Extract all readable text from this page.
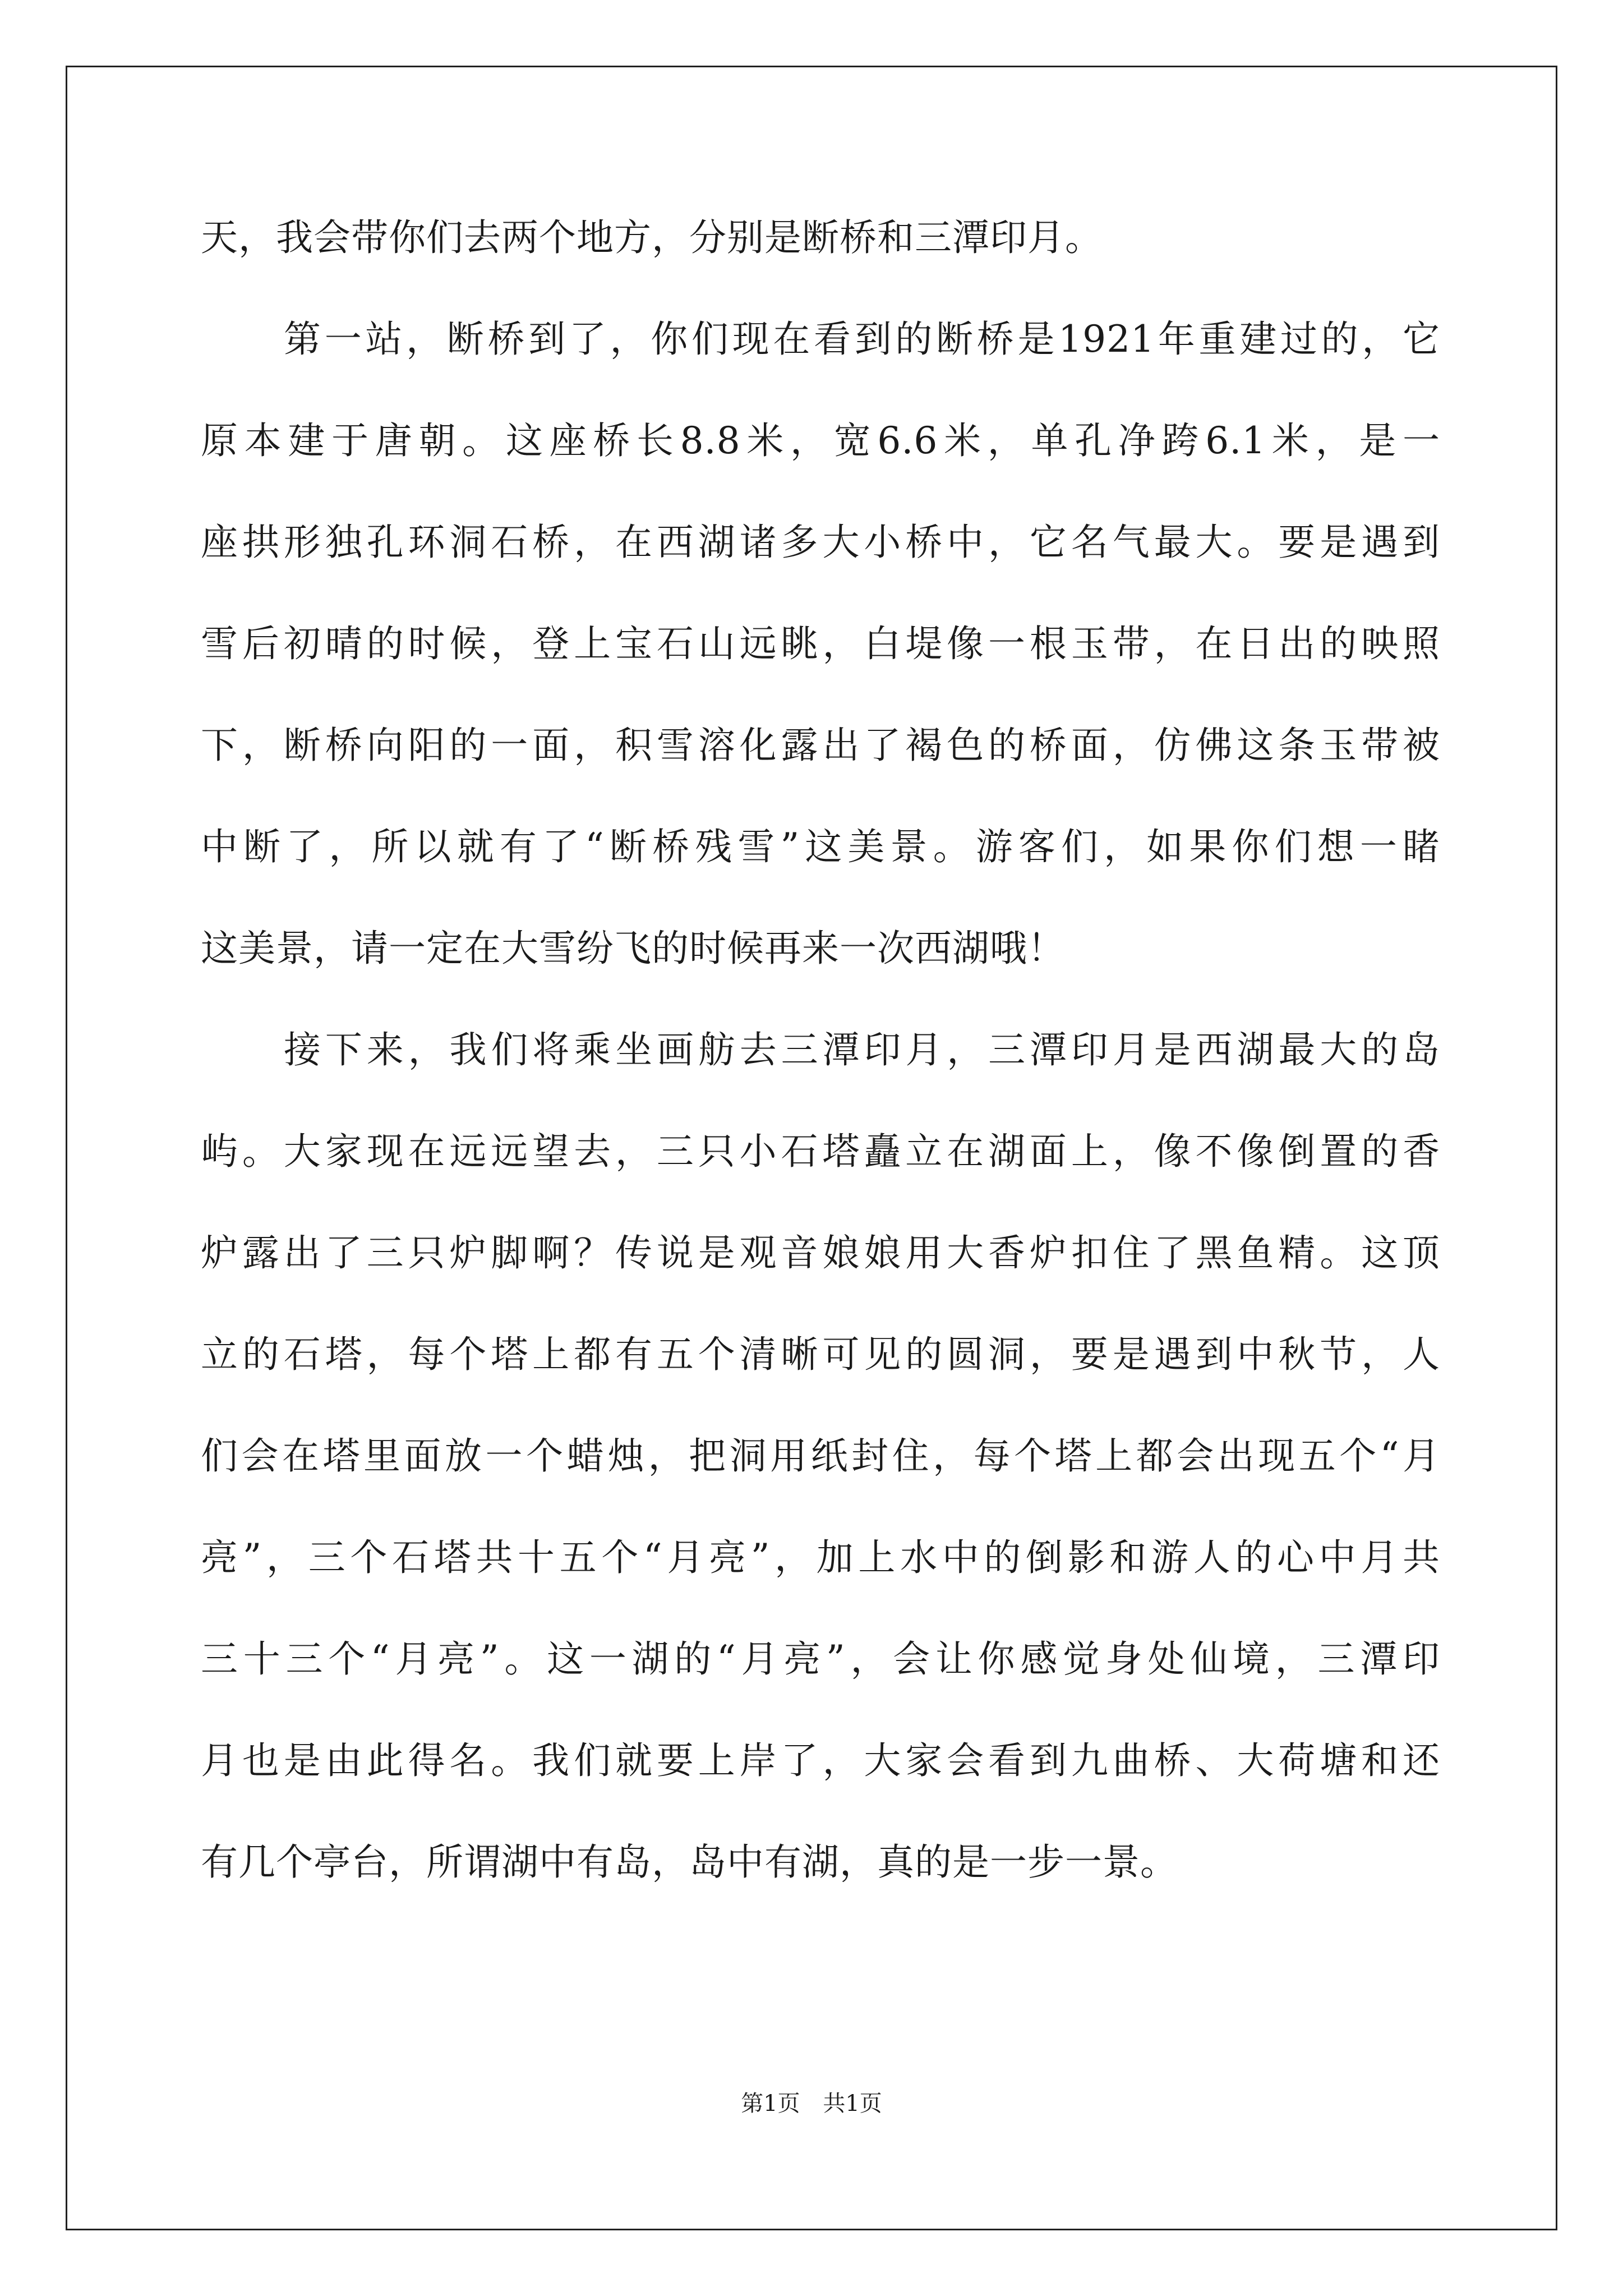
天，我会带你们去两个地方，分别是断桥和三潭印月。
第一站，断桥到了，你们现在看到的断桥是1921年重建过的，它
原本建于唐朝。这座桥长8.8米，宽6.6米，单孔净跨6.1米，是一
座拱形独孔环洞石桥，在西湖诸多大小桥中，它名气最大。要是遇到
雪后初晴的时候，登上宝石山远眺，白堤像一根玉带，在日出的映照
下，断桥向阳的一面，积雪溶化露出了褐色的桥面，仿佛这条玉带被
中断了，所以就有了“断桥残雪”这美景。游客们，如果你们想一睹
这美景，请一定在大雪纷飞的时候再来一次西湖哦！
接下来，我们将乘坐画舫去三潭印月，三潭印月是西湖最大的岛
屿。大家现在远远望去，三只小石塔矗立在湖面上，像不像倒置的香
炉露出了三只炉脚啊？传说是观音娘娘用大香炉扣住了黑鱼精。这顶
立的石塔，每个塔上都有五个清晰可见的圆洞，要是遇到中秋节，人
们会在塔里面放一个蜡烛，把洞用纸封住，每个塔上都会出现五个“月
亮”，三个石塔共十五个“月亮”，加上水中的倒影和游人的心中月共
三十三个“月亮”。这一湖的“月亮”，会让你感觉身处仙境，三潭印
月也是由此得名。我们就要上岸了，大家会看到九曲桥、大荷塘和还
有几个亭台，所谓湖中有岛，岛中有湖，真的是一步一景。
第1页 共1页
